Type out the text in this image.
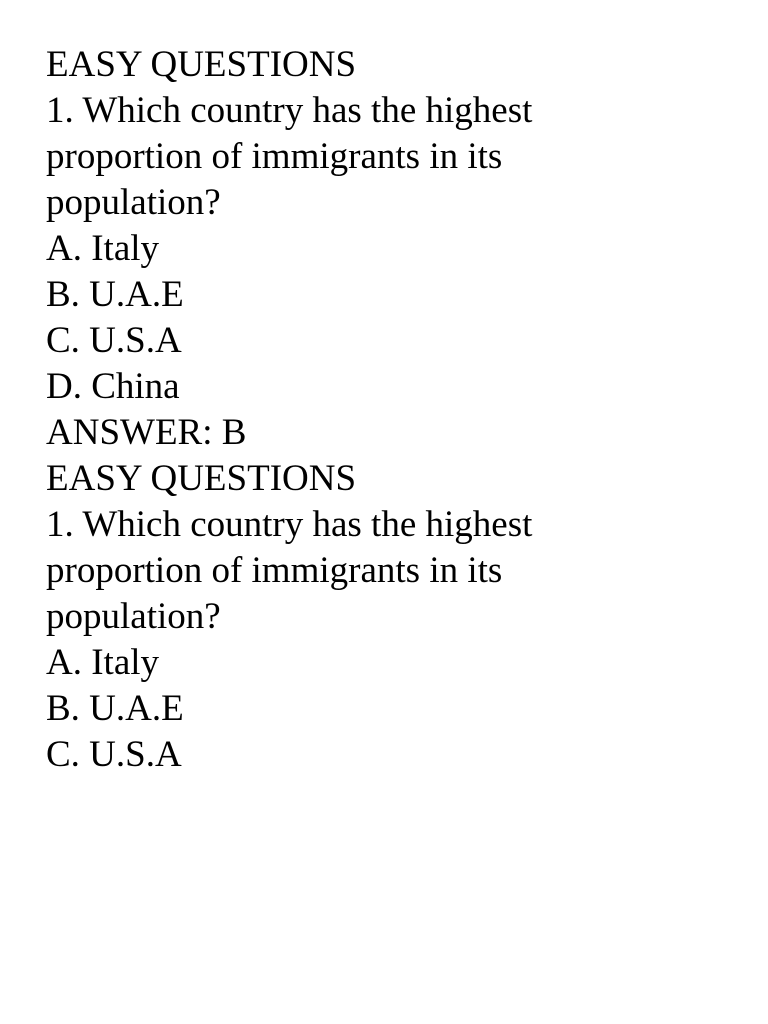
EASY QUESTIONS

1. Which country has the highest

proportion of immigrants in its

population?

A. Italy

B. U.A.E

C. U.S.A

D. China

ANSWER: B

EASY QUESTIONS

1. Which country has the highest

proportion of immigrants in its

population?

A. Italy

B. U.A.E

C. U.S.A
